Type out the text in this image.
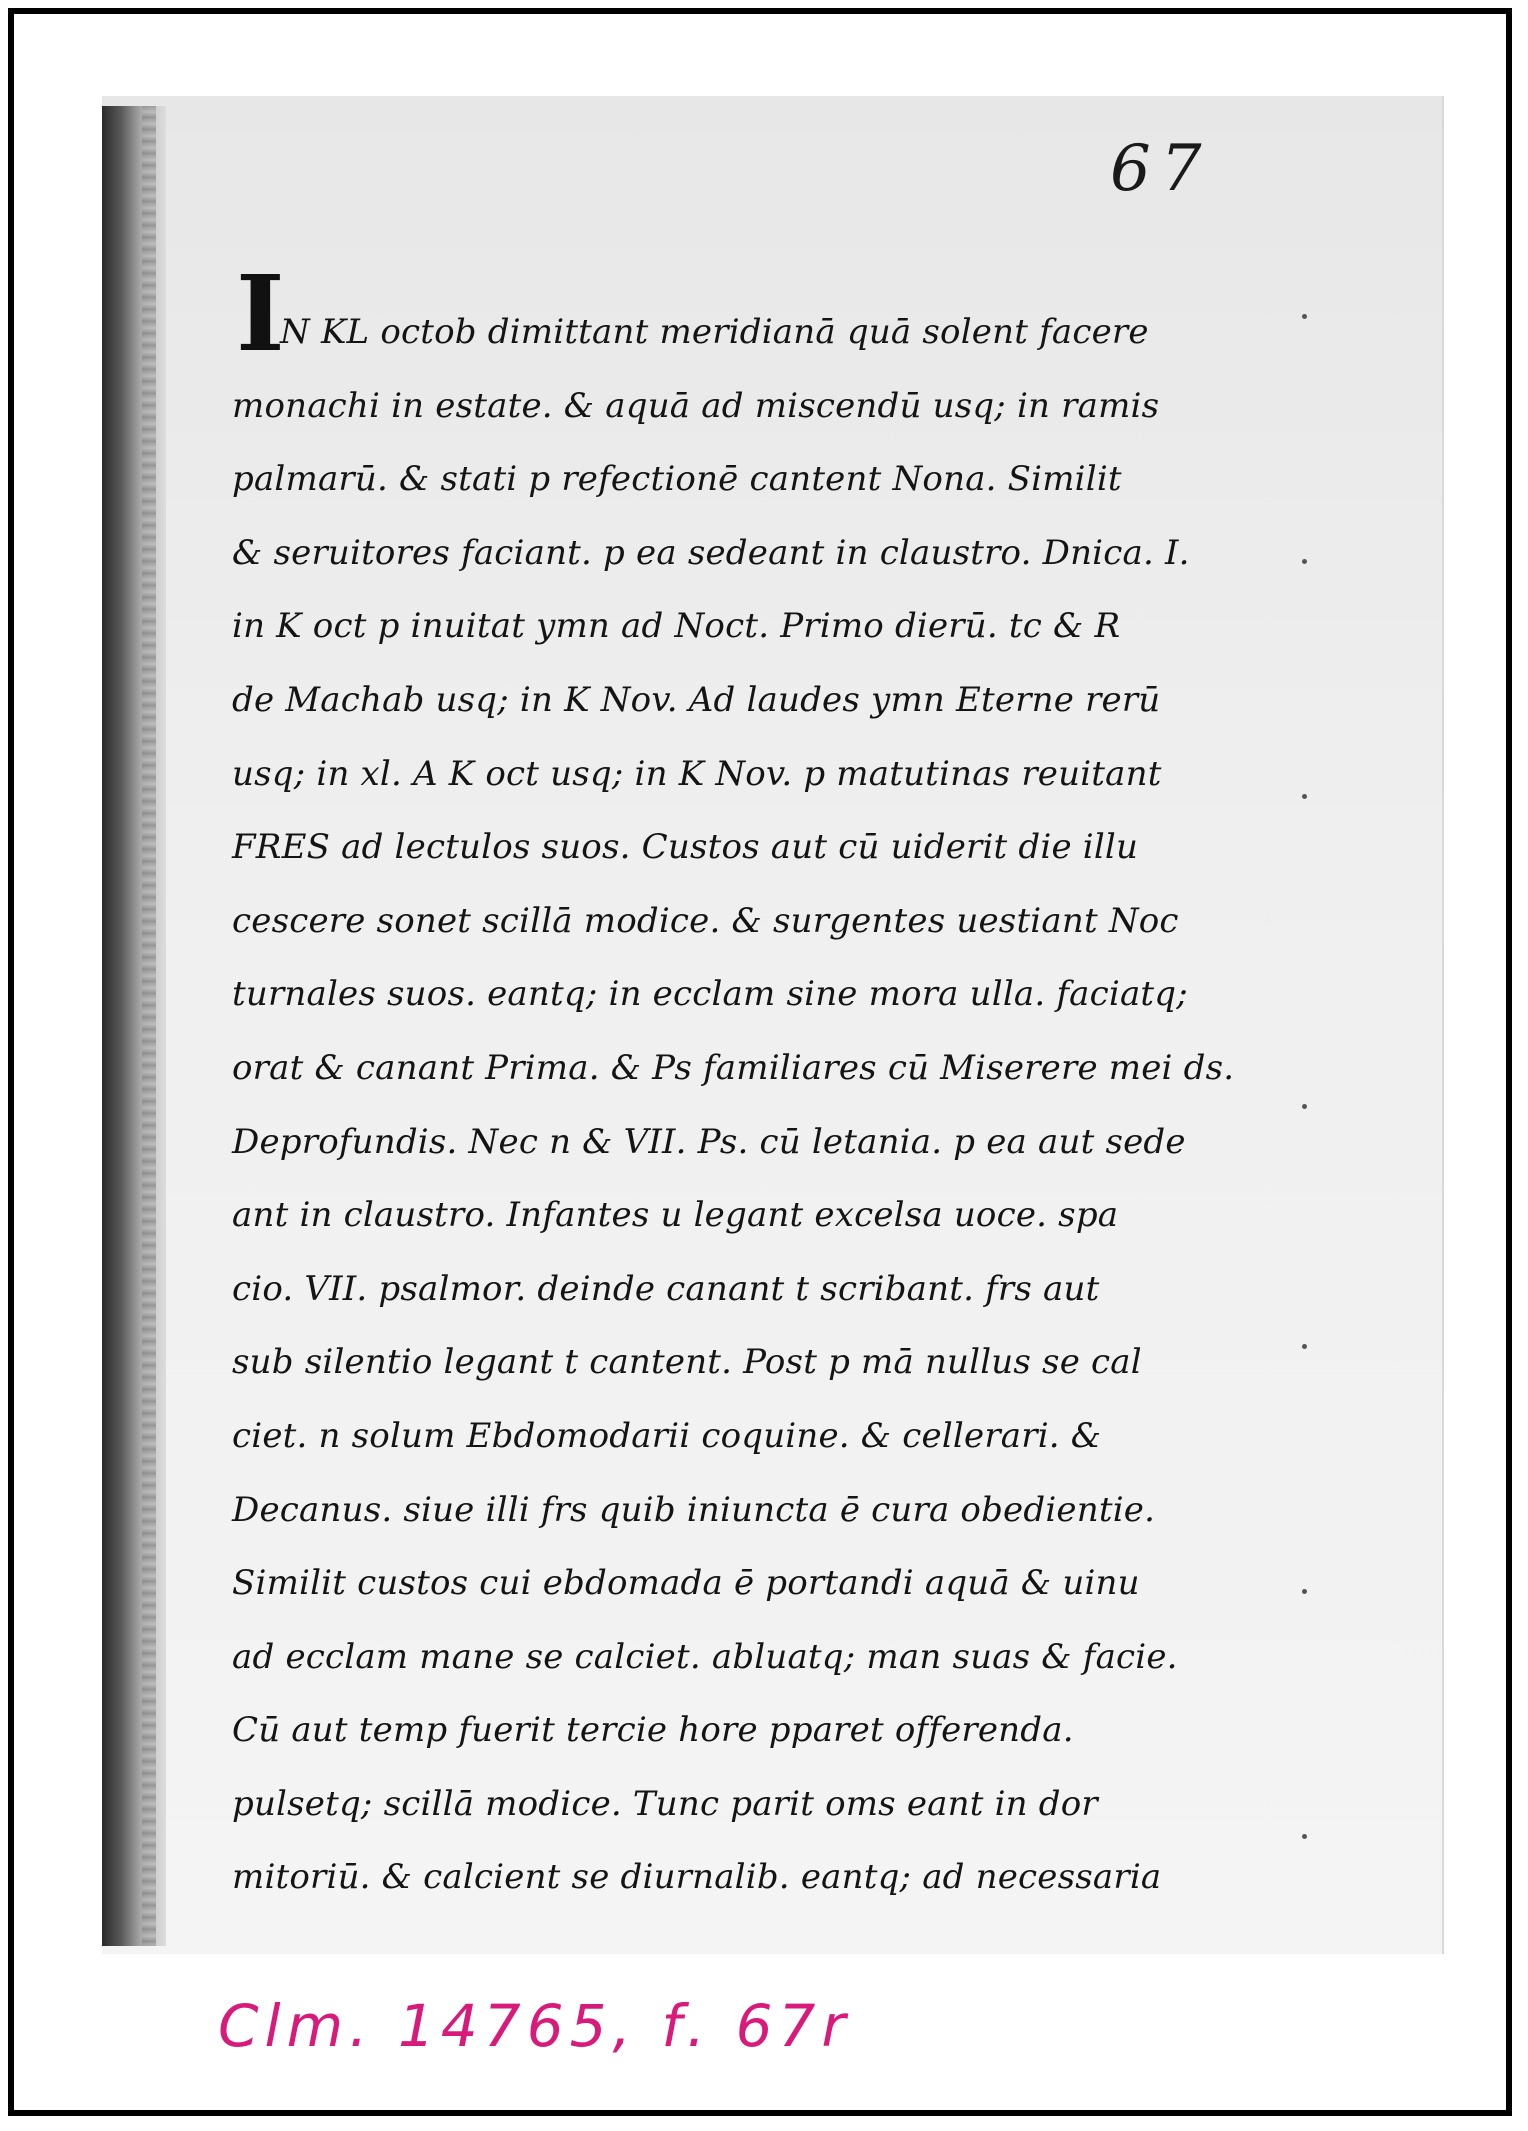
67
I
N KL octob dimittant meridianā quā solent facere
monachi in estate. & aquā ad miscendū usq; in ramis
palmarū. & stati p refectionē cantent Nona. Similit
& seruitores faciant. p ea sedeant in claustro. Dnica. I.
in K oct p inuitat ymn ad Noct. Primo dierū. tc & R
de Machab usq; in K Nov. Ad laudes ymn Eterne rerū
usq; in xl. A K oct usq; in K Nov. p matutinas reuitant
FRES ad lectulos suos. Custos aut cū uiderit die illu
cescere sonet scillā modice. & surgentes uestiant Noc
turnales suos. eantq; in ecclam sine mora ulla. faciatq;
orat & canant Prima. & Ps familiares cū Miserere mei ds.
Deprofundis. Nec n & VII. Ps. cū letania. p ea aut sede
ant in claustro. Infantes u legant excelsa uoce. spa
cio. VII. psalmor. deinde canant t scribant. frs aut
sub silentio legant t cantent. Post p mā nullus se cal
ciet. n solum Ebdomodarii coquine. & cellerari. &
Decanus. siue illi frs quib iniuncta ē cura obedientie.
Similit custos cui ebdomada ē portandi aquā & uinu
ad ecclam mane se calciet. abluatq; man suas & facie.
Cū aut temp fuerit tercie hore pparet offerenda.
pulsetq; scillā modice. Tunc parit oms eant in dor
mitoriū. & calcient se diurnalib. eantq; ad necessaria
Clm. 14765, f. 67r
